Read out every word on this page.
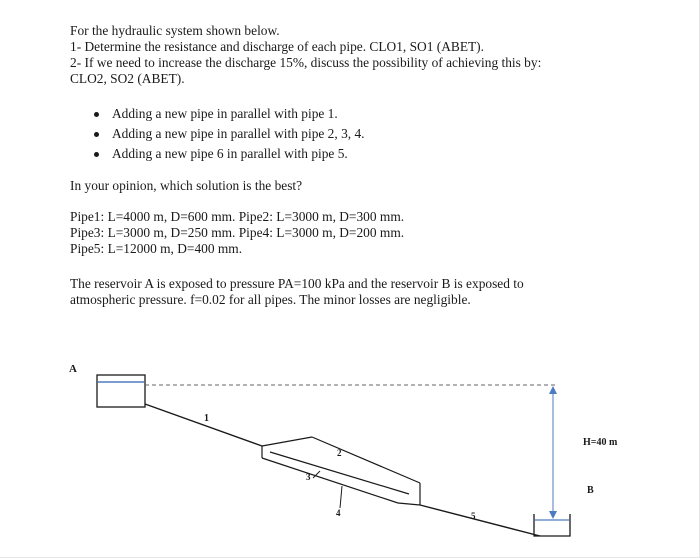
For the hydraulic system shown below.
1- Determine the resistance and discharge of each pipe. CLO1, SO1 (ABET).
2- If we need to increase the discharge 15%, discuss the possibility of achieving this by:
CLO2, SO2 (ABET).
Adding a new pipe in parallel with pipe 1.
Adding a new pipe in parallel with pipe 2, 3, 4.
Adding a new pipe 6 in parallel with pipe 5.
In your opinion, which solution is the best?
Pipe1: L=4000 m, D=600 mm. Pipe2: L=3000 m, D=300 mm.
Pipe3: L=3000 m, D=250 mm. Pipe4: L=3000 m, D=200 mm.
Pipe5: L=12000 m, D=400 mm.
The reservoir A is exposed to pressure PA=100 kPa and the reservoir B is exposed to
atmospheric pressure. f=0.02 for all pipes. The minor losses are negligible.
A
1
2
3
4	5
B
H=40 m
